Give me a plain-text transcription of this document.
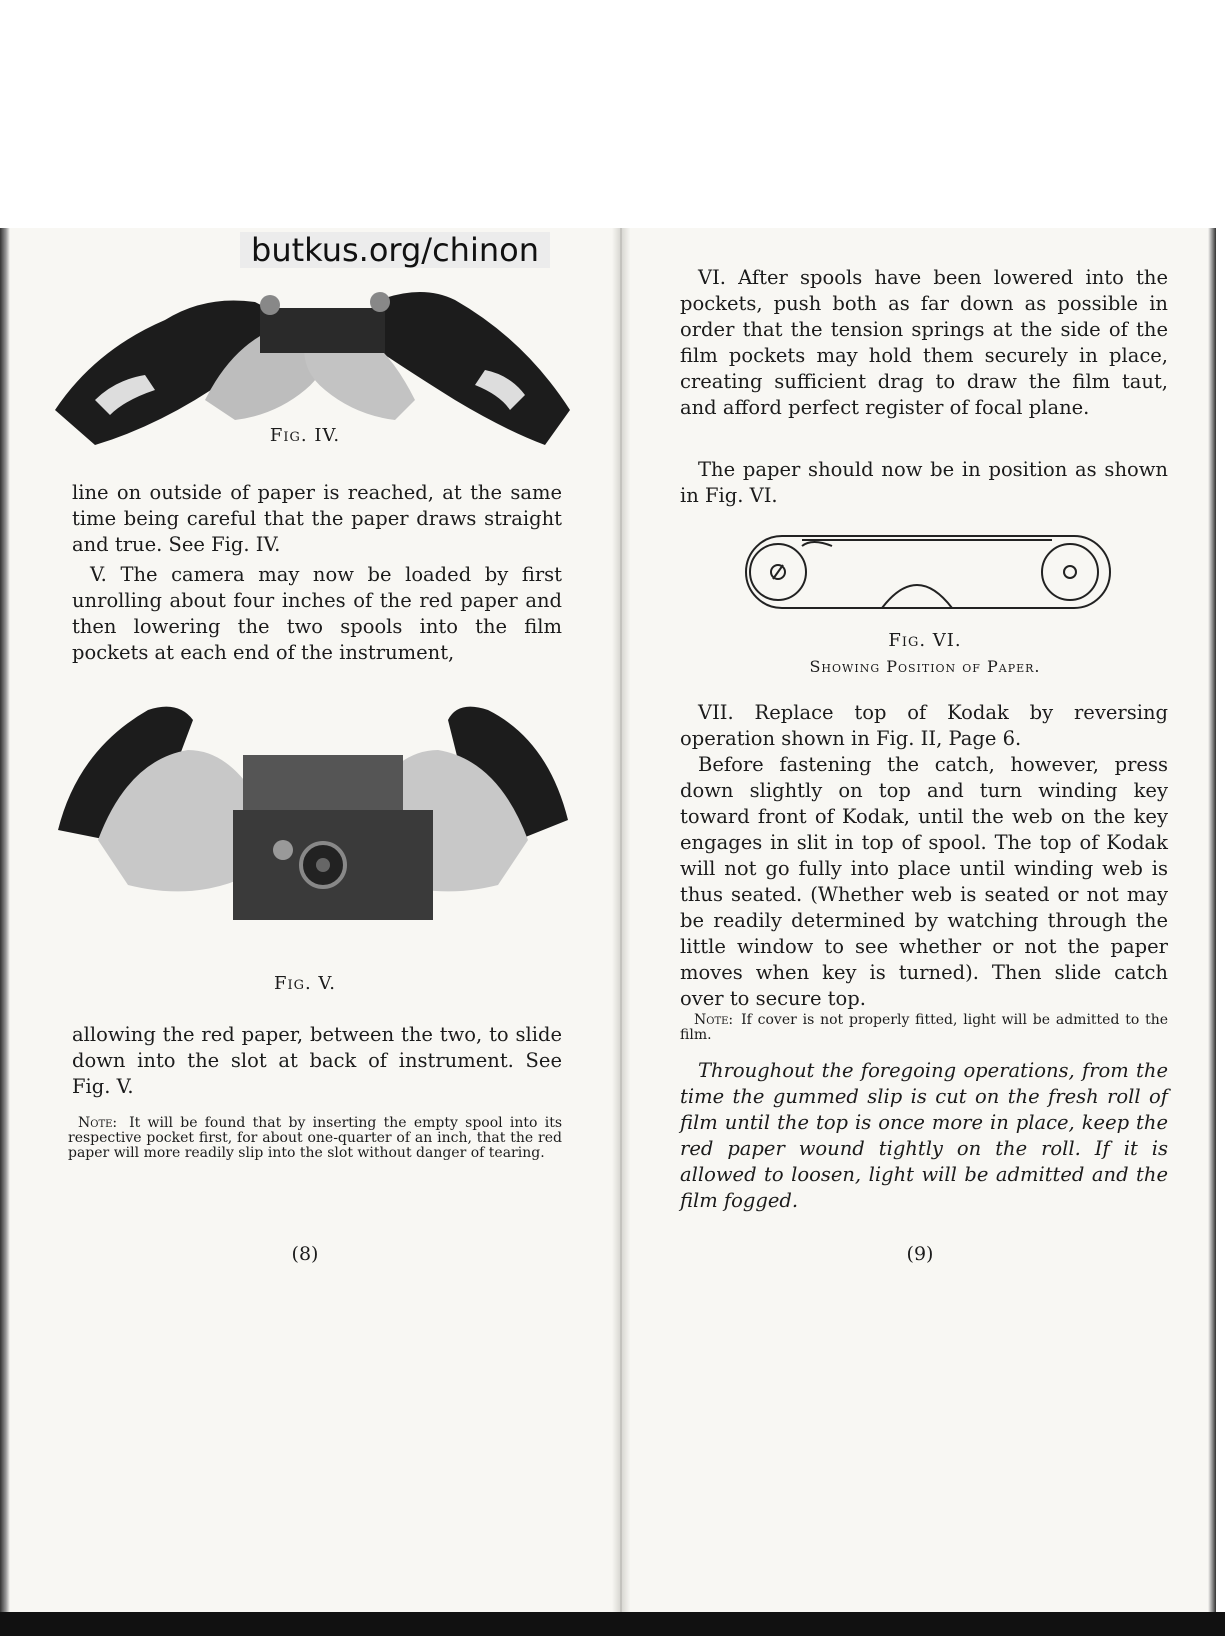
butkus.org/chinon

Fig. IV.

line on outside of paper is reached, at the same time being careful that the paper draws straight and true. See Fig. IV.

V. The camera may now be loaded by first unrolling about four inches of the red paper and then lowering the two spools into the film pockets at each end of the instrument,

Fig. V.

allowing the red paper, between the two, to slide down into the slot at back of instrument. See Fig. V.

Note: It will be found that by inserting the empty spool into its respective pocket first, for about one-quarter of an inch, that the red paper will more readily slip into the slot without danger of tearing.

(8)

VI. After spools have been lowered into the pockets, push both as far down as possible in order that the tension springs at the side of the film pockets may hold them securely in place, creating sufficient drag to draw the film taut, and afford perfect register of focal plane.

The paper should now be in position as shown in Fig. VI.

Fig. VI.

Showing Position of Paper.

VII. Replace top of Kodak by reversing operation shown in Fig. II, Page 6.

Before fastening the catch, however, press down slightly on top and turn winding key toward front of Kodak, until the web on the key engages in slit in top of spool. The top of Kodak will not go fully into place until winding web is thus seated. (Whether web is seated or not may be readily determined by watching through the little window to see whether or not the paper moves when key is turned). Then slide catch over to secure top.

Note: If cover is not properly fitted, light will be admitted to the film.

Throughout the foregoing operations, from the time the gummed slip is cut on the fresh roll of film until the top is once more in place, keep the red paper wound tightly on the roll. If it is allowed to loosen, light will be admitted and the film fogged.

(9)
